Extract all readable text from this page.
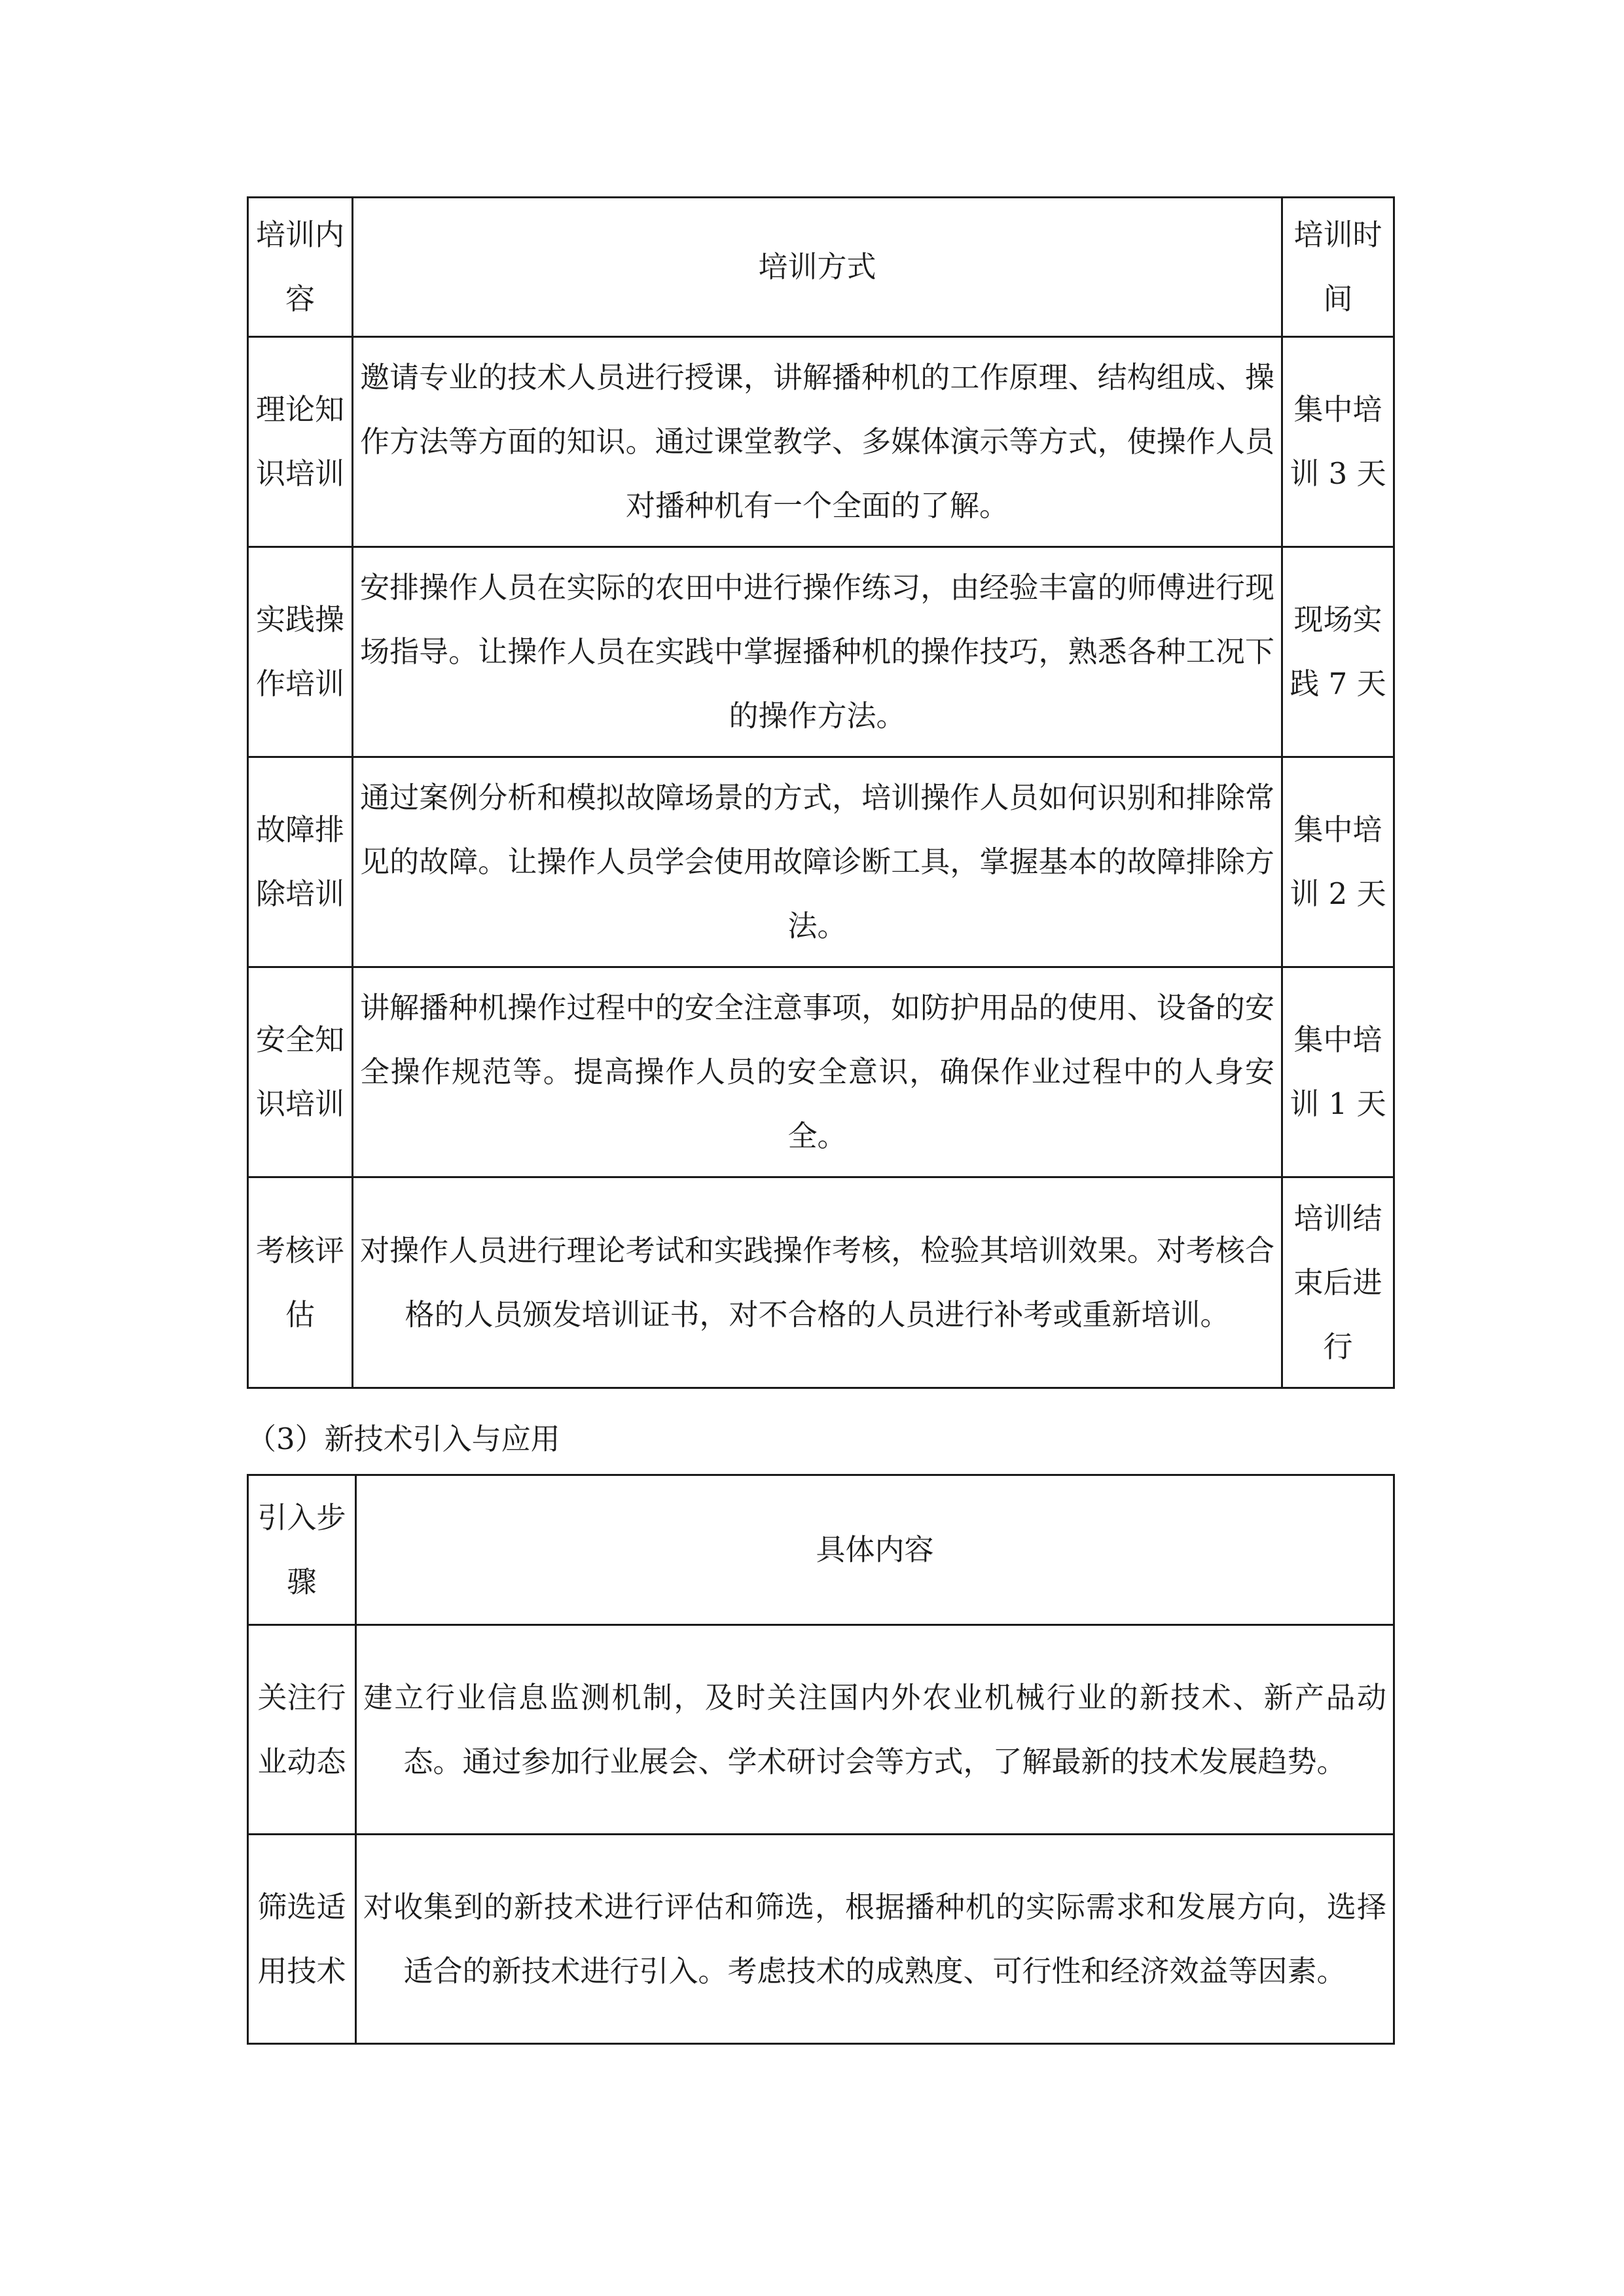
培训内容	培训方式	培训时间
理论知识培训	邀请专业的技术人员进行授课，讲解播种机的工作原理、结构组成、操作方法等方面的知识。通过课堂教学、多媒体演示等方式，使操作人员对播种机有一个全面的了解。	集中培训 3 天
实践操作培训	安排操作人员在实际的农田中进行操作练习，由经验丰富的师傅进行现场指导。让操作人员在实践中掌握播种机的操作技巧，熟悉各种工况下的操作方法。	现场实践 7 天
故障排除培训	通过案例分析和模拟故障场景的方式，培训操作人员如何识别和排除常见的故障。让操作人员学会使用故障诊断工具，掌握基本的故障排除方法。	集中培训 2 天
安全知识培训	讲解播种机操作过程中的安全注意事项，如防护用品的使用、设备的安全操作规范等。提高操作人员的安全意识，确保作业过程中的人身安全。	集中培训 1 天
考核评估	对操作人员进行理论考试和实践操作考核，检验其培训效果。对考核合格的人员颁发培训证书，对不合格的人员进行补考或重新培训。	培训结束后进行

（3）新技术引入与应用

引入步骤	具体内容
关注行业动态	建立行业信息监测机制，及时关注国内外农业机械行业的新技术、新产品动态。通过参加行业展会、学术研讨会等方式，了解最新的技术发展趋势。
筛选适用技术	对收集到的新技术进行评估和筛选，根据播种机的实际需求和发展方向，选择适合的新技术进行引入。考虑技术的成熟度、可行性和经济效益等因素。
